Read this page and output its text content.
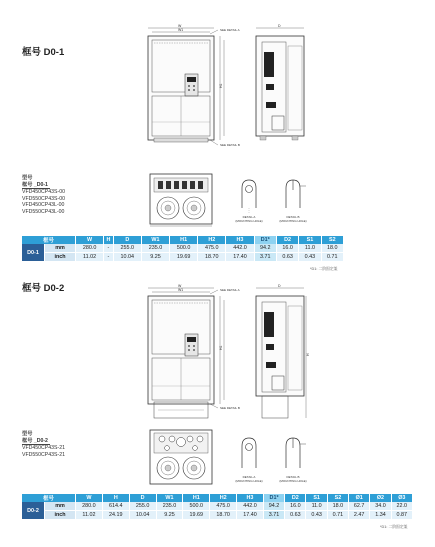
框号 D0-1
W
W1
H1
SEE DETAIL A
SEE DETAIL B
D
型号
框号 _D0-1
VFD450CP43S-00
VFD550CP43S-00
VFD450CP43L-00
VFD550CP43L-00
DETAIL A
(MOUNTING HOLE)
DETAIL B
(MOUNTING HOLE)
框号		W	H	D	W1	H1	H2	H3	D1*	D2	S1	S2
D0-1	mm	280.0	-	255.0	235.0	500.0	475.0	442.0	94.2	16.0	11.0	18.0
	inch	11.02	-	10.04	9.25	19.69	18.70	17.40	3.71	0.63	0.43	0.71
*D1: 二阶固定架
框号 D0-2	W
W1
H1
SEE DETAIL A
SEE DETAIL B
D
H
型号
框号 _D0-2
VFD450CP43S-21
VFD550CP43S-21
DETAIL A
(MOUNTING HOLE)
DETAIL B
(MOUNTING HOLE)
框号		W	H	D	W1	H1	H2	H3	D1*	D2	S1	S2	Ø1	Ø2	Ø3
D0-2	mm	280.0	614.4	255.0	235.0	500.0	475.0	442.0	94.2	16.0	11.0	18.0	62.7	34.0	22.0
	inch	11.02	24.19	10.04	9.25	19.69	18.70	17.40	3.71	0.63	0.43	0.71	2.47	1.34	0.87
*D1: 二阶固定架
